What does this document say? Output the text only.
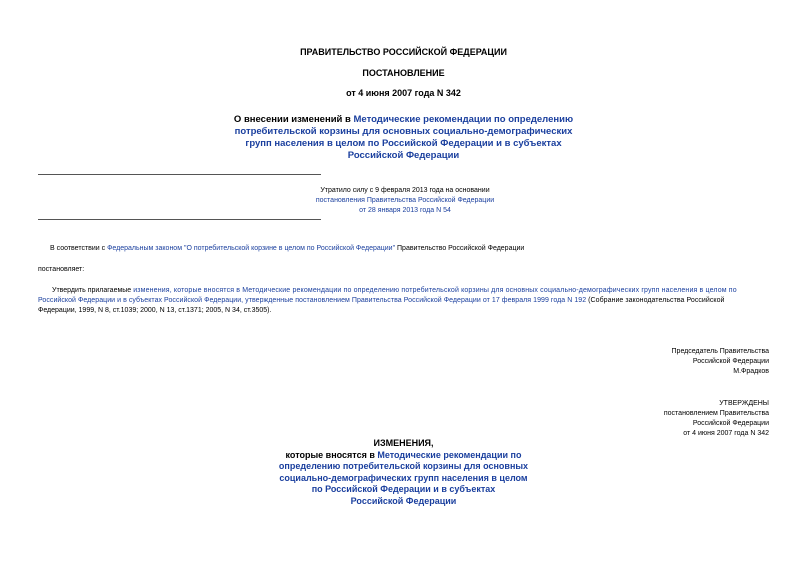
ПРАВИТЕЛЬСТВО РОССИЙСКОЙ ФЕДЕРАЦИИ
ПОСТАНОВЛЕНИЕ
от 4 июня 2007 года N 342
О внесении изменений в Методические рекомендации по определению
потребительской корзины для основных социально-демографических
групп населения в целом по Российской Федерации и в субъектах
Российской Федерации
Утратило силу с 9 февраля 2013 года на основании
постановления Правительства Российской Федерации
от 28 января 2013 года N 54
В соответствии с Федеральным законом "О потребительской корзине в целом по Российской Федерации" Правительство Российской Федерации
постановляет:
Утвердить прилагаемые изменения, которые вносятся в Методические рекомендации по определению потребительской корзины для основных социально-демографических групп населения в целом по
Российской Федерации и в субъектах Российской Федерации, утвержденные постановлением Правительства Российской Федерации от 17 февраля 1999 года N 192 (Собрание законодательства Российской
Федерации, 1999, N 8, ст.1039; 2000, N 13, ст.1371; 2005, N 34, ст.3505).
Председатель Правительства
Российской Федерации
М.Фрадков
УТВЕРЖДЕНЫ
постановлением Правительства
Российской Федерации
от 4 июня 2007 года N 342
ИЗМЕНЕНИЯ,
которые вносятся в Методические рекомендации по
определению потребительской корзины для основных
социально-демографических групп населения в целом
по Российской Федерации и в субъектах
Российской Федерации
